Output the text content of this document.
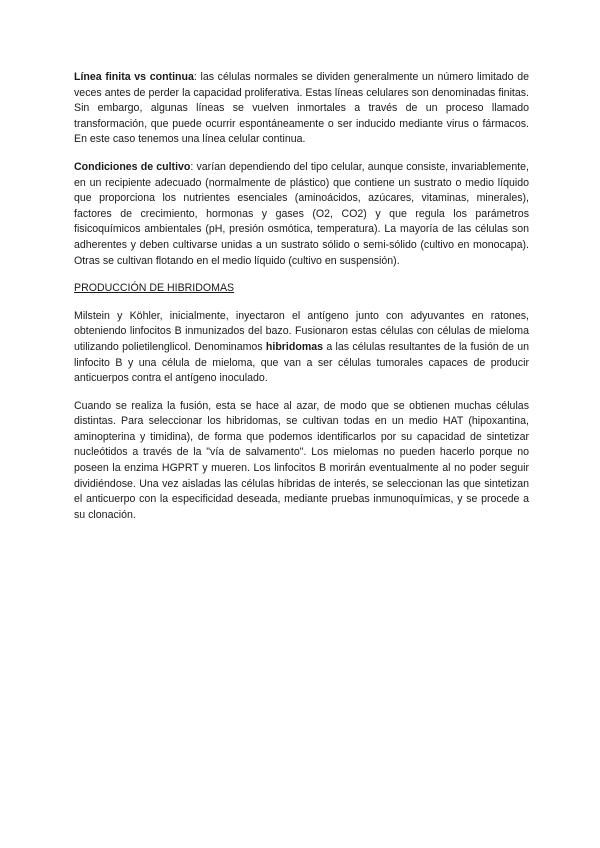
Línea finita vs continua: las células normales se dividen generalmente un número limitado de veces antes de perder la capacidad proliferativa. Estas líneas celulares son denominadas finitas. Sin embargo, algunas líneas se vuelven inmortales a través de un proceso llamado transformación, que puede ocurrir espontáneamente o ser inducido mediante virus o fármacos. En este caso tenemos una línea celular continua.

Condiciones de cultivo: varían dependiendo del tipo celular, aunque consiste, invariablemente, en un recipiente adecuado (normalmente de plástico) que contiene un sustrato o medio líquido que proporciona los nutrientes esenciales (aminoácidos, azúcares, vitaminas, minerales), factores de crecimiento, hormonas y gases (O2, CO2) y que regula los parámetros fisicoquímicos ambientales (pH, presión osmótica, temperatura). La mayoría de las células son adherentes y deben cultivarse unidas a un sustrato sólido o semi-sólido (cultivo en monocapa). Otras se cultivan flotando en el medio líquido (cultivo en suspensión).

PRODUCCIÓN DE HIBRIDOMAS

Milstein y Köhler, inicialmente, inyectaron el antígeno junto con adyuvantes en ratones, obteniendo linfocitos B inmunizados del bazo. Fusionaron estas células con células de mieloma utilizando polietilenglicol. Denominamos hibridomas a las células resultantes de la fusión de un linfocito B y una célula de mieloma, que van a ser células tumorales capaces de producir anticuerpos contra el antígeno inoculado.

Cuando se realiza la fusión, esta se hace al azar, de modo que se obtienen muchas células distintas. Para seleccionar los hibridomas, se cultivan todas en un medio HAT (hipoxantina, aminopterina y timidina), de forma que podemos identificarlos por su capacidad de sintetizar nucleótidos a través de la "vía de salvamento". Los mielomas no pueden hacerlo porque no poseen la enzima HGPRT y mueren. Los linfocitos B morirán eventualmente al no poder seguir dividiéndose. Una vez aisladas las células híbridas de interés, se seleccionan las que sintetizan el anticuerpo con la especificidad deseada, mediante pruebas inmunoquímicas, y se procede a su clonación.
